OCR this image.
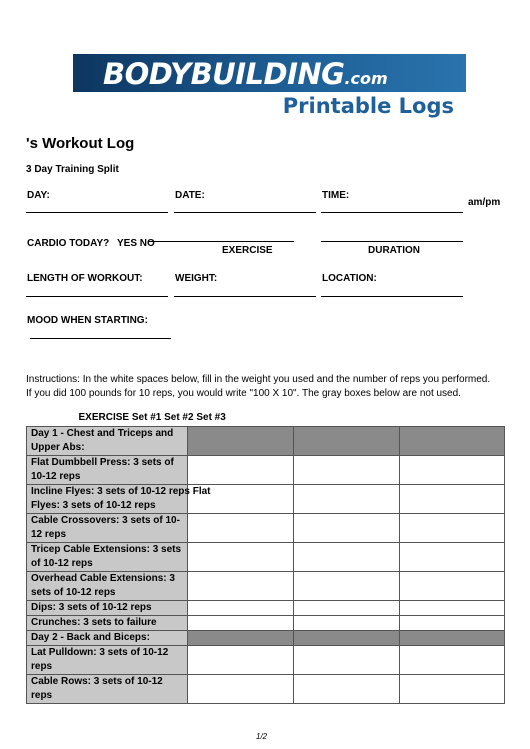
BODYBUILDING.com
Printable Logs
's Workout Log
3 Day Training Split
DAY:	DATE:	TIME:
am/pm
CARDIO TODAY? YES NO
EXERCISE	DURATION
LENGTH OF WORKOUT:	WEIGHT:	LOCATION:
MOOD WHEN STARTING:
Instructions: In the white spaces below, fill in the weight you used and the number of reps you performed. If you did 100 pounds for 10 reps, you would write "100 X 10". The gray boxes below are not used.
EXERCISE Set #1 Set #2 Set #3			
Day 1 - Chest and Triceps and Upper Abs:			
Flat Dumbbell Press: 3 sets of 10-12 reps			

Incline Flyes: 3 sets of 10-12 reps Flat Flyes: 3 sets of 10-12 reps			

Cable Crossovers: 3 sets of 10-12 reps			
Tricep Cable Extensions: 3 sets of 10-12 reps			
Overhead Cable Extensions: 3 sets of 10-12 reps			
Dips: 3 sets of 10-12 reps			
Crunches: 3 sets to failure			
Day 2 - Back and Biceps:			
Lat Pulldown: 3 sets of 10-12 reps			
Cable Rows: 3 sets of 10-12 reps			
1/2
